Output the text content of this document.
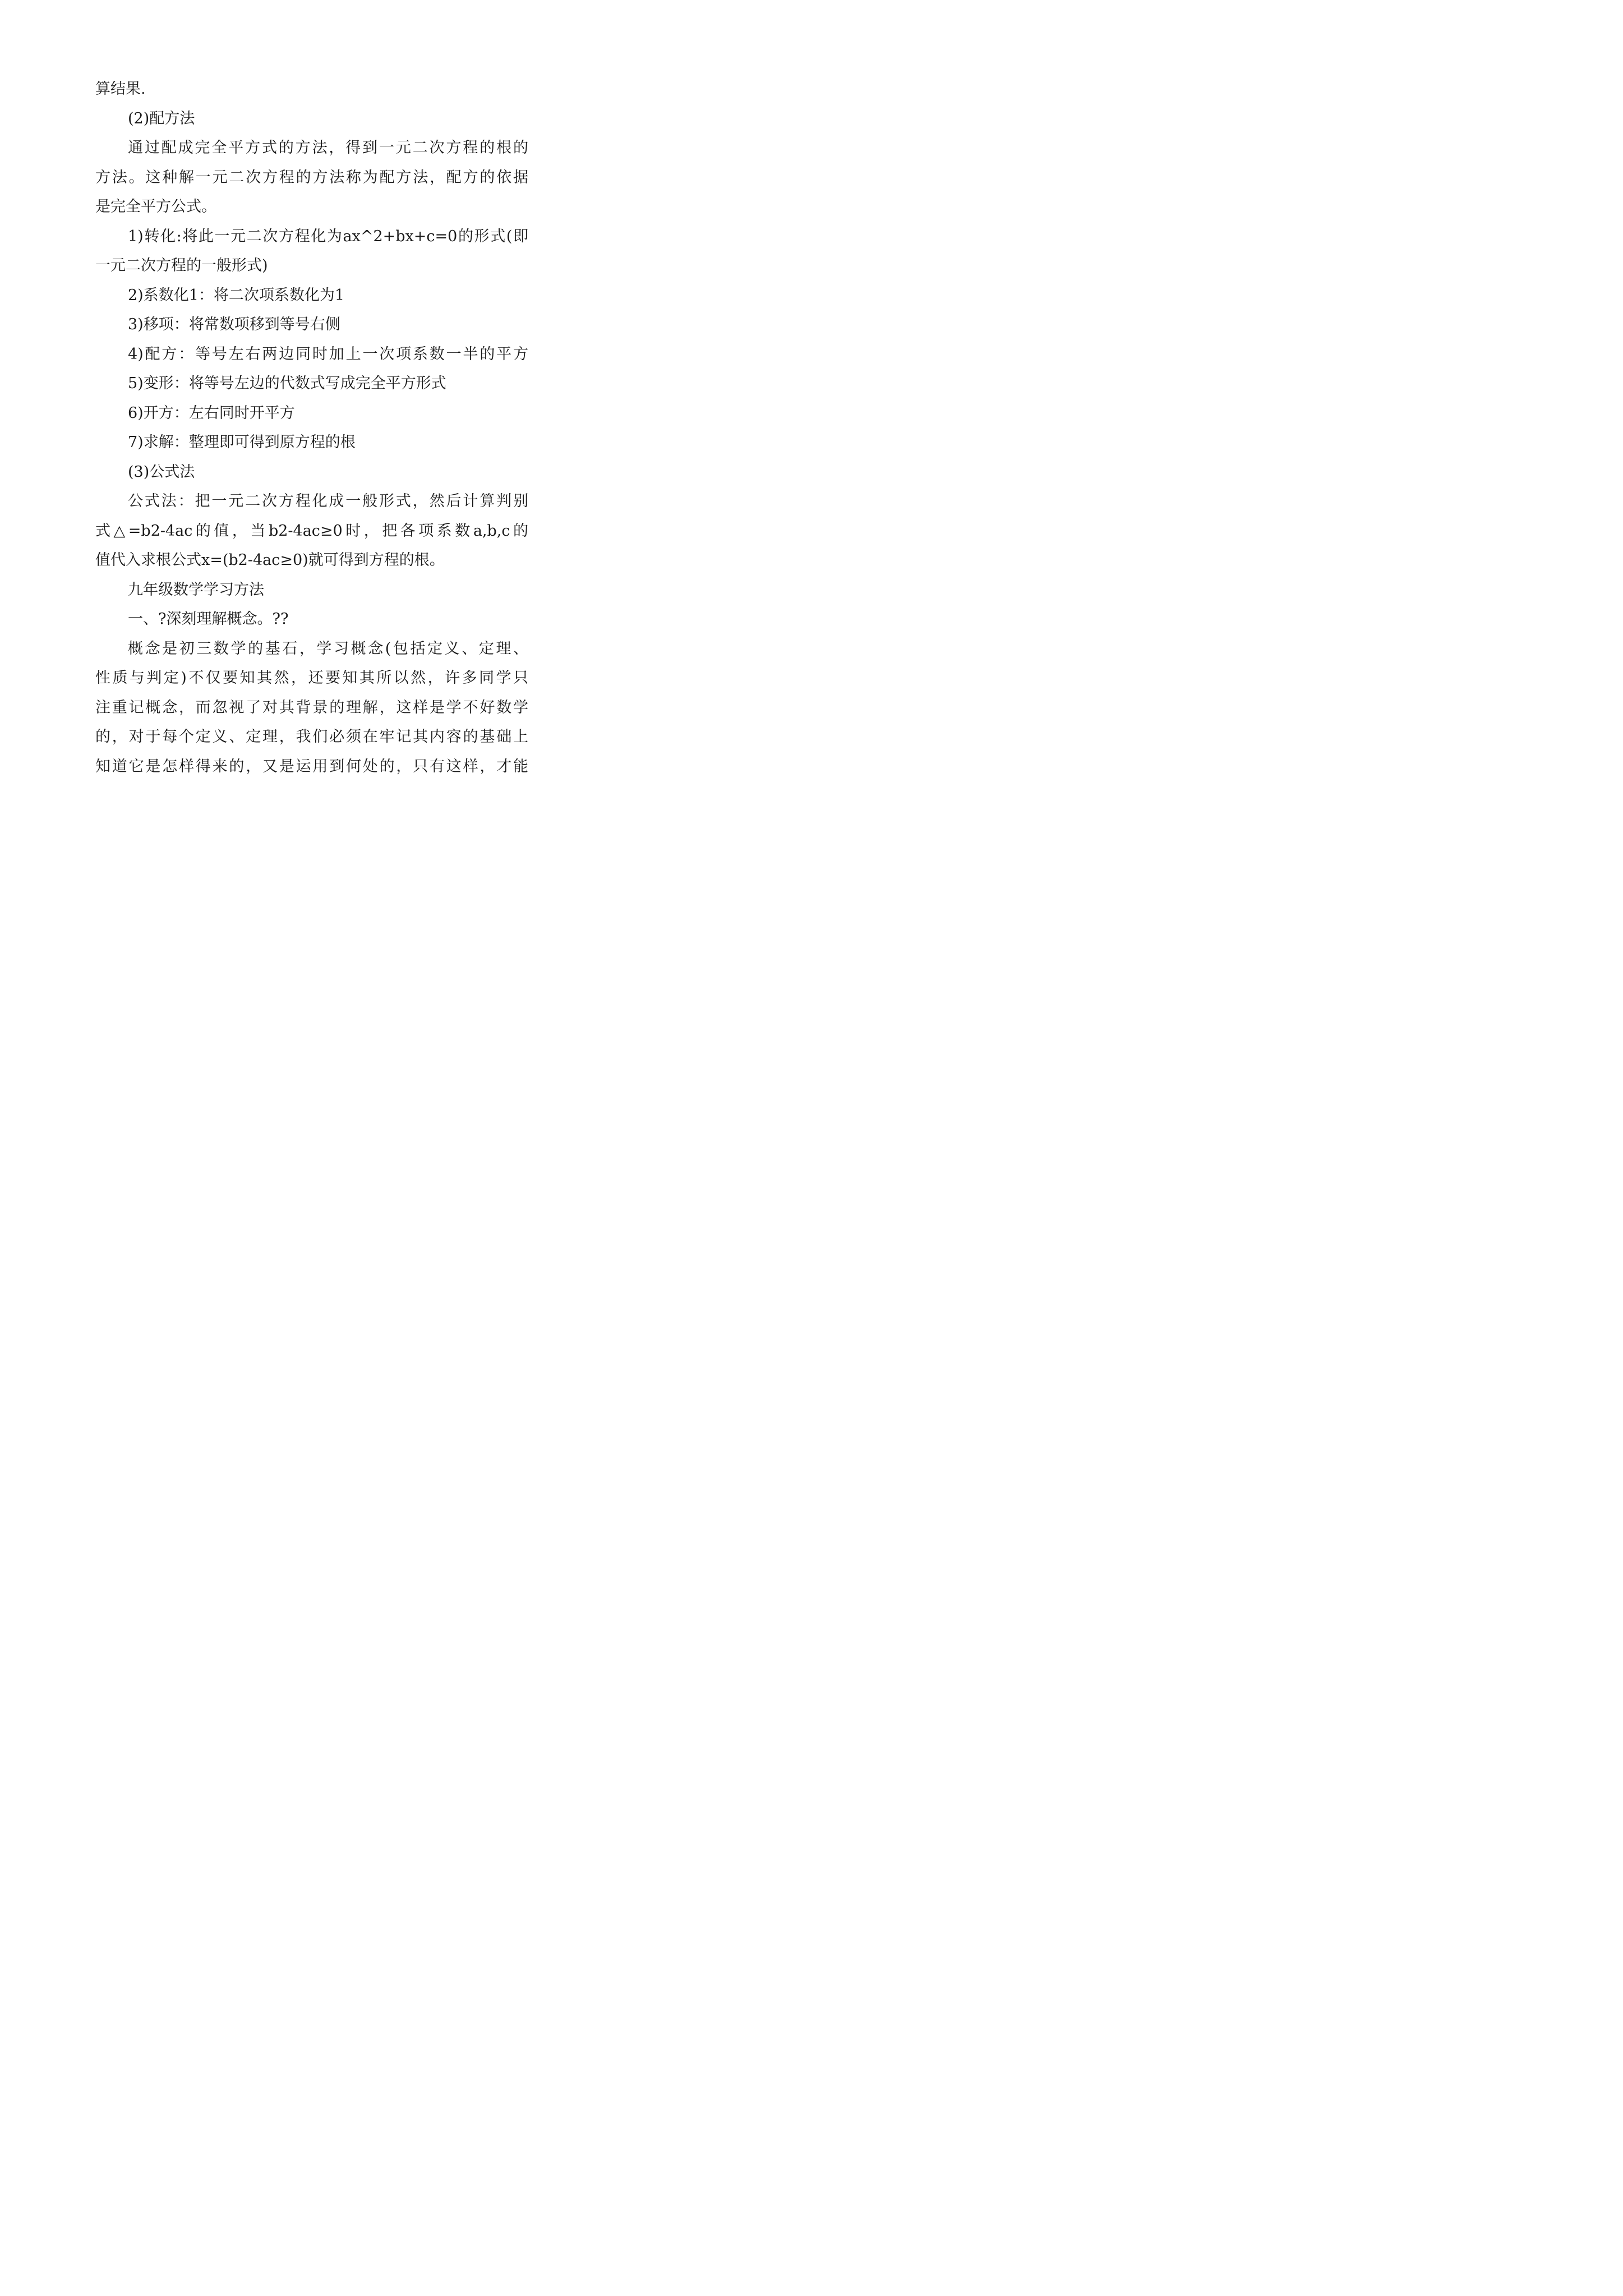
算结果.
(2)配方法
通过配成完全平方式的方法，得到一元二次方程的根的
方法。这种解一元二次方程的方法称为配方法，配方的依据
是完全平方公式。
1)转化:将此一元二次方程化为ax^2+bx+c=0的形式(即
一元二次方程的一般形式)
2)系数化1：将二次项系数化为1
3)移项：将常数项移到等号右侧
4)配方：等号左右两边同时加上一次项系数一半的平方
5)变形：将等号左边的代数式写成完全平方形式
6)开方：左右同时开平方
7)求解：整理即可得到原方程的根
(3)公式法
公式法：把一元二次方程化成一般形式，然后计算判别
式△=b2-4ac的值，当b2-4ac≥0时，把各项系数a,b,c的
值代入求根公式x=(b2-4ac≥0)就可得到方程的根。
九年级数学学习方法
一、?深刻理解概念。??
概念是初三数学的基石，学习概念(包括定义、定理、
性质与判定)不仅要知其然，还要知其所以然，许多同学只
注重记概念，而忽视了对其背景的理解，这样是学不好数学
的，对于每个定义、定理，我们必须在牢记其内容的基础上
知道它是怎样得来的，又是运用到何处的，只有这样，才能
